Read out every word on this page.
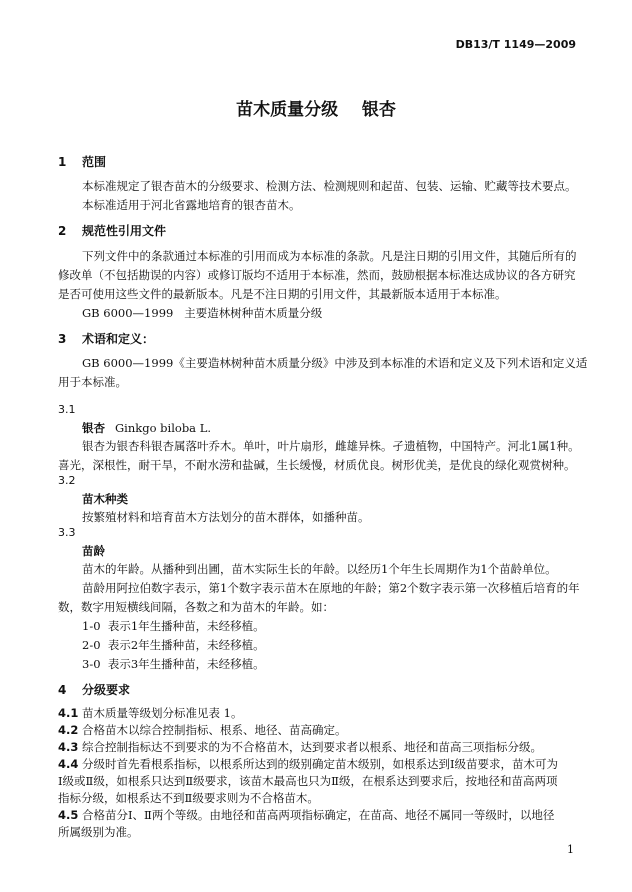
DB13/T 1149—2009
苗木质量分级    银杏
1 范围
本标准规定了银杏苗木的分级要求、检测方法、检测规则和起苗、包装、运输、贮藏等技术要点。
本标准适用于河北省露地培育的银杏苗木。
2 规范性引用文件
下列文件中的条款通过本标准的引用而成为本标准的条款。凡是注日期的引用文件，其随后所有的
修改单（不包括勘误的内容）或修订版均不适用于本标准，然而，鼓励根据本标准达成协议的各方研究
是否可使用这些文件的最新版本。凡是不注日期的引用文件，其最新版本适用于本标准。
GB 6000—1999   主要造林树种苗木质量分级
3 术语和定义：
GB 6000—1999《主要造林树种苗木质量分级》中涉及到本标准的术语和定义及下列术语和定义适
用于本标准。
3.1
银杏 Ginkgo biloba L.
银杏为银杏科银杏属落叶乔木。单叶，叶片扇形，雌雄异株。孑遗植物，中国特产。河北1属1种。
喜光，深根性，耐干旱，不耐水涝和盐碱，生长缓慢，材质优良。树形优美，是优良的绿化观赏树种。
3.2
苗木种类
按繁殖材料和培育苗木方法划分的苗木群体，如播种苗。
3.3
苗龄
苗木的年龄。从播种到出圃，苗木实际生长的年龄。以经历1个年生长周期作为1个苗龄单位。
苗龄用阿拉伯数字表示，第1个数字表示苗木在原地的年龄；第2个数字表示第一次移植后培育的年
数，数字用短横线间隔，各数之和为苗木的年龄。如：
1-0  表示1年生播种苗，未经移植。
2-0  表示2年生播种苗，未经移植。
3-0  表示3年生播种苗，未经移植。
4 分级要求
4.1 苗木质量等级划分标准见表 1。
4.2 合格苗木以综合控制指标、根系、地径、苗高确定。
4.3 综合控制指标达不到要求的为不合格苗木，达到要求者以根系、地径和苗高三项指标分级。
4.4 分级时首先看根系指标，以根系所达到的级别确定苗木级别，如根系达到Ⅰ级苗要求，苗木可为
Ⅰ级或Ⅱ级，如根系只达到Ⅱ级要求，该苗木最高也只为Ⅱ级，在根系达到要求后，按地径和苗高两项
指标分级，如根系达不到Ⅱ级要求则为不合格苗木。
4.5 合格苗分Ⅰ、Ⅱ两个等级。由地径和苗高两项指标确定，在苗高、地径不属同一等级时，以地径
所属级别为准。
1
